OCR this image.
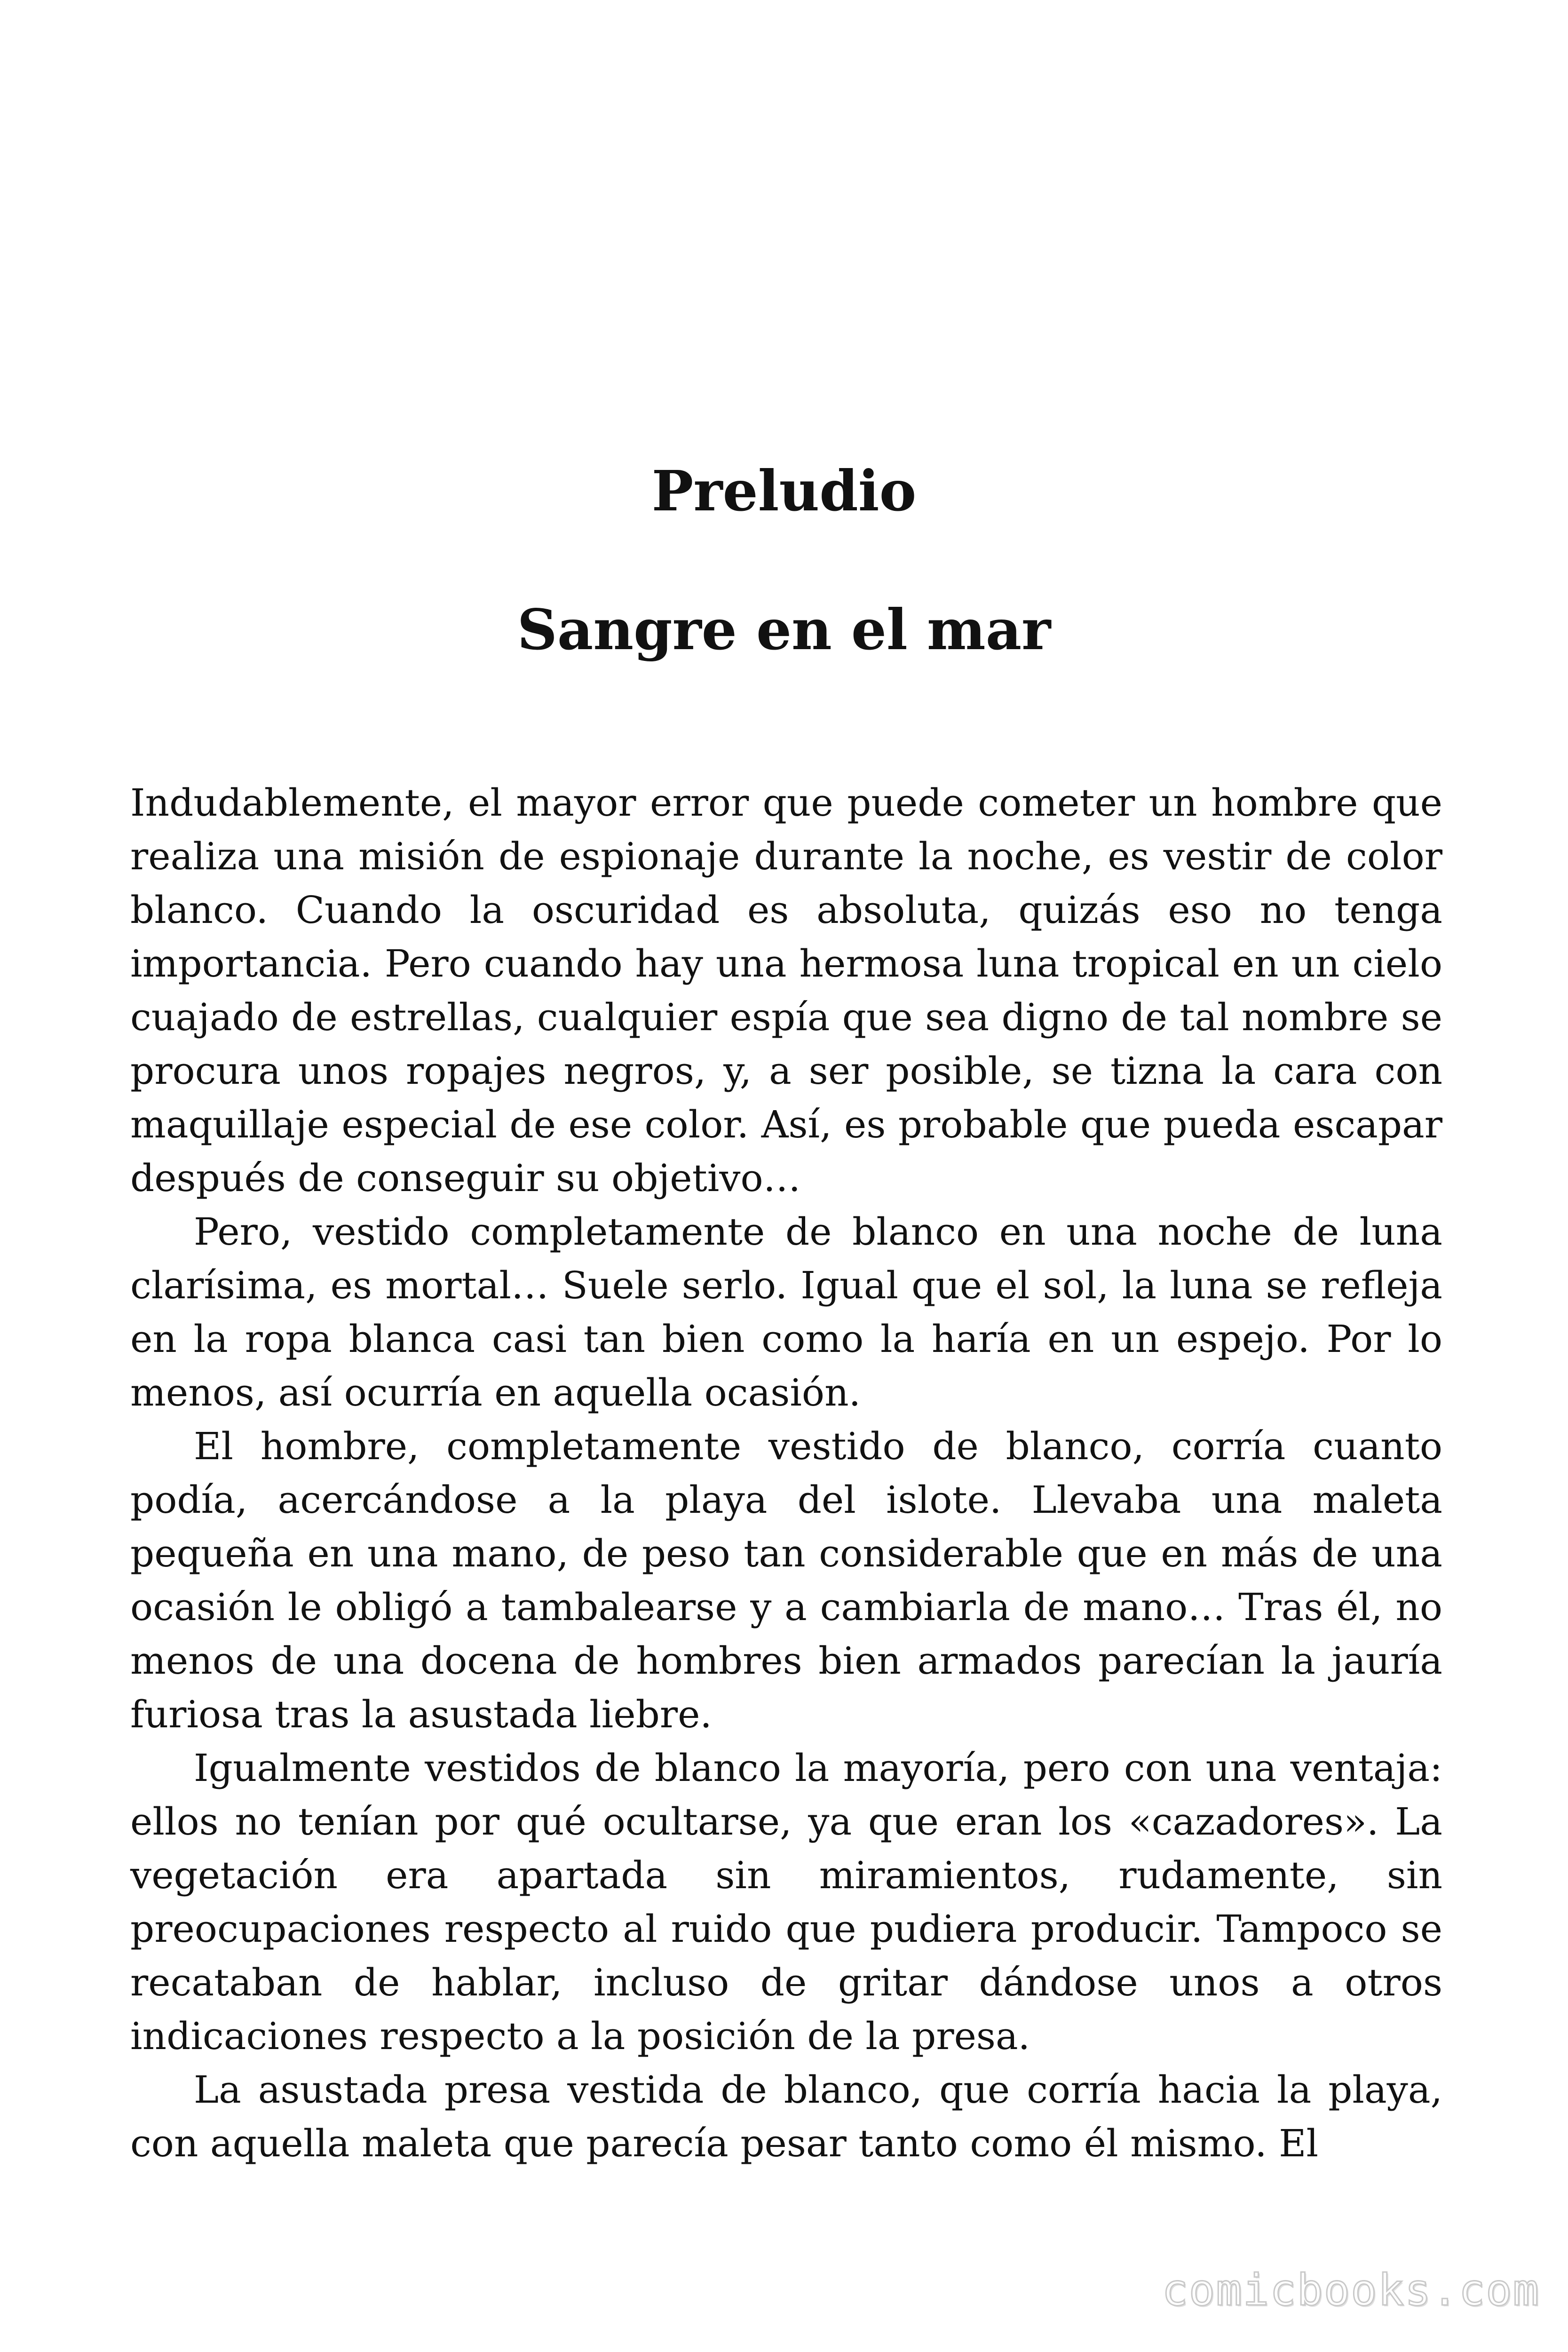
Preludio
Sangre en el mar

Indudablemente, el mayor error que puede cometer un hombre que realiza una misión de espionaje durante la noche, es vestir de color blanco. Cuando la oscuridad es absoluta, quizás eso no tenga importancia. Pero cuando hay una hermosa luna tropical en un cielo cuajado de estrellas, cualquier espía que sea digno de tal nombre se procura unos ropajes negros, y, a ser posible, se tizna la cara con maquillaje especial de ese color. Así, es probable que pueda escapar después de conseguir su objetivo…

Pero, vestido completamente de blanco en una noche de luna clarísima, es mortal… Suele serlo. Igual que el sol, la luna se refleja en la ropa blanca casi tan bien como la haría en un espejo. Por lo menos, así ocurría en aquella ocasión.

El hombre, completamente vestido de blanco, corría cuanto podía, acercándose a la playa del islote. Llevaba una maleta pequeña en una mano, de peso tan considerable que en más de una ocasión le obligó a tambalearse y a cambiarla de mano… Tras él, no menos de una docena de hombres bien armados parecían la jauría furiosa tras la asustada liebre.

Igualmente vestidos de blanco la mayoría, pero con una ventaja: ellos no tenían por qué ocultarse, ya que eran los «cazadores». La vegetación era apartada sin miramientos, rudamente, sin preocupaciones respecto al ruido que pudiera producir. Tampoco se recataban de hablar, incluso de gritar dándose unos a otros indicaciones respecto a la posición de la presa.

La asustada presa vestida de blanco, que corría hacia la playa, con aquella maleta que parecía pesar tanto como él mismo. El

comicbooks.com
